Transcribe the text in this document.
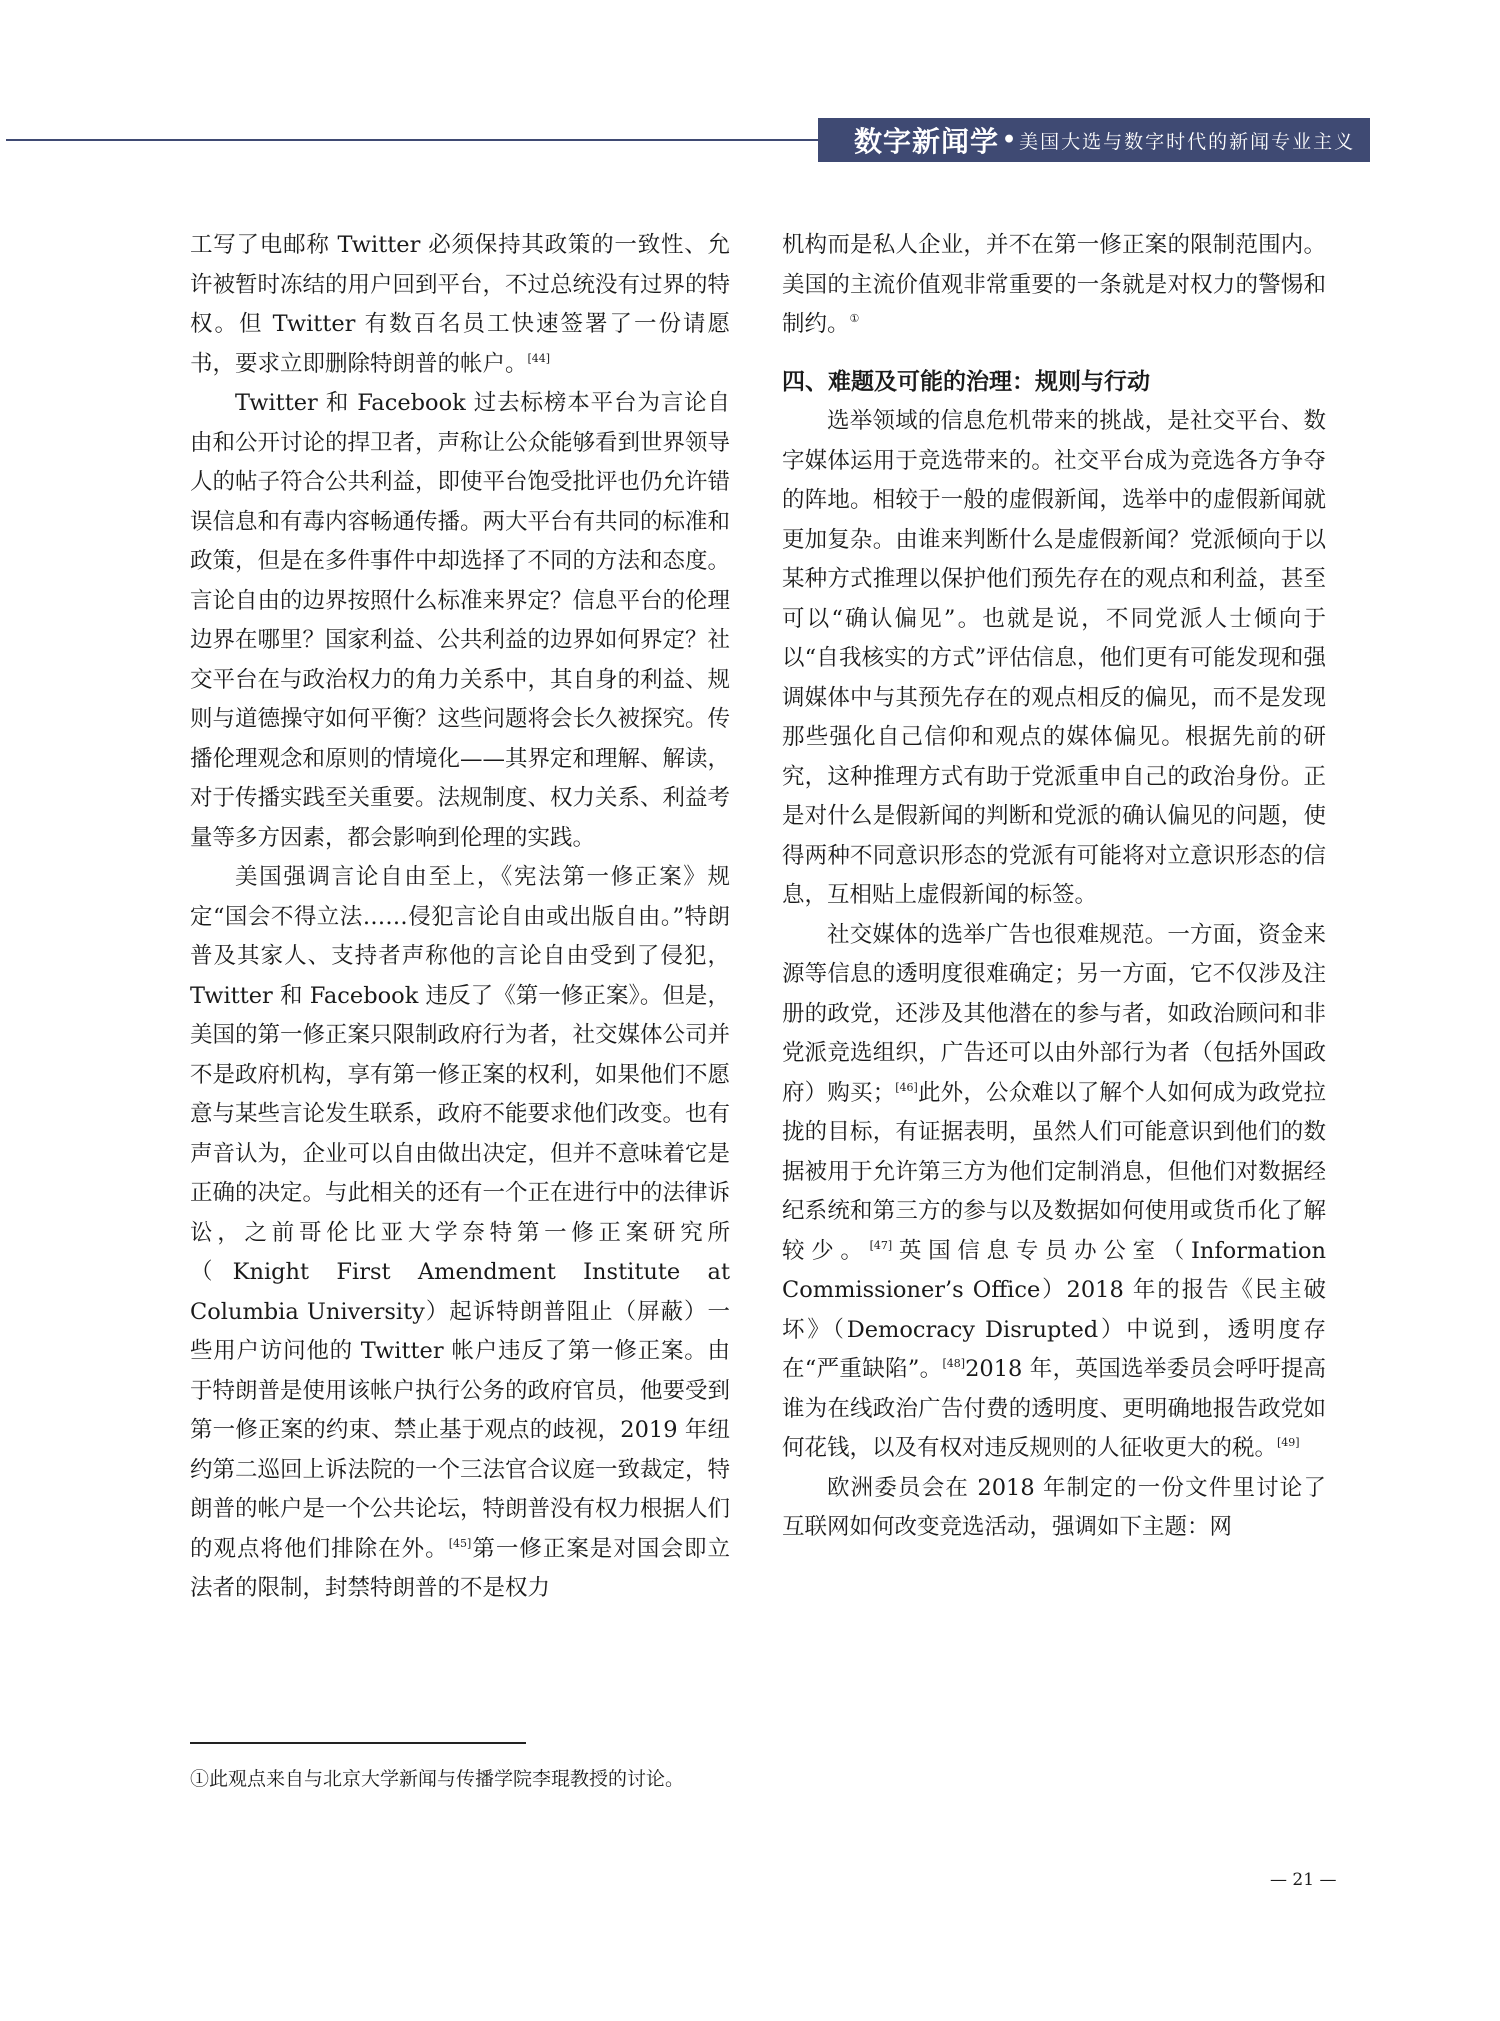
数字新闻学 • 美国大选与数字时代的新闻专业主义

工写了电邮称 Twitter 必须保持其政策的一致性、允许被暂时冻结的用户回到平台，不过总统没有过界的特权。但 Twitter 有数百名员工快速签署了一份请愿书，要求立即删除特朗普的帐户。[44]

Twitter 和 Facebook 过去标榜本平台为言论自由和公开讨论的捍卫者，声称让公众能够看到世界领导人的帖子符合公共利益，即使平台饱受批评也仍允许错误信息和有毒内容畅通传播。两大平台有共同的标准和政策，但是在多件事件中却选择了不同的方法和态度。言论自由的边界按照什么标准来界定？信息平台的伦理边界在哪里？国家利益、公共利益的边界如何界定？社交平台在与政治权力的角力关系中，其自身的利益、规则与道德操守如何平衡？这些问题将会长久被探究。传播伦理观念和原则的情境化——其界定和理解、解读，对于传播实践至关重要。法规制度、权力关系、利益考量等多方因素，都会影响到伦理的实践。

美国强调言论自由至上，《宪法第一修正案》规定“国会不得立法……侵犯言论自由或出版自由。”特朗普及其家人、支持者声称他的言论自由受到了侵犯，Twitter 和 Facebook 违反了《第一修正案》。但是，美国的第一修正案只限制政府行为者，社交媒体公司并不是政府机构，享有第一修正案的权利，如果他们不愿意与某些言论发生联系，政府不能要求他们改变。也有声音认为，企业可以自由做出决定，但并不意味着它是正确的决定。与此相关的还有一个正在进行中的法律诉讼，之前哥伦比亚大学奈特第一修正案研究所（Knight First Amendment Institute at Columbia University）起诉特朗普阻止（屏蔽）一些用户访问他的 Twitter 帐户违反了第一修正案。由于特朗普是使用该帐户执行公务的政府官员，他要受到第一修正案的约束、禁止基于观点的歧视，2019 年纽约第二巡回上诉法院的一个三法官合议庭一致裁定，特朗普的帐户是一个公共论坛，特朗普没有权力根据人们的观点将他们排除在外。[45]第一修正案是对国会即立法者的限制，封禁特朗普的不是权力

机构而是私人企业，并不在第一修正案的限制范围内。美国的主流价值观非常重要的一条就是对权力的警惕和制约。①

四、难题及可能的治理：规则与行动

选举领域的信息危机带来的挑战，是社交平台、数字媒体运用于竞选带来的。社交平台成为竞选各方争夺的阵地。相较于一般的虚假新闻，选举中的虚假新闻就更加复杂。由谁来判断什么是虚假新闻？党派倾向于以某种方式推理以保护他们预先存在的观点和利益，甚至可以“确认偏见”。也就是说，不同党派人士倾向于以“自我核实的方式”评估信息，他们更有可能发现和强调媒体中与其预先存在的观点相反的偏见，而不是发现那些强化自己信仰和观点的媒体偏见。根据先前的研究，这种推理方式有助于党派重申自己的政治身份。正是对什么是假新闻的判断和党派的确认偏见的问题，使得两种不同意识形态的党派有可能将对立意识形态的信息，互相贴上虚假新闻的标签。

社交媒体的选举广告也很难规范。一方面，资金来源等信息的透明度很难确定；另一方面，它不仅涉及注册的政党，还涉及其他潜在的参与者，如政治顾问和非党派竞选组织，广告还可以由外部行为者（包括外国政府）购买；[46]此外，公众难以了解个人如何成为政党拉拢的目标，有证据表明，虽然人们可能意识到他们的数据被用于允许第三方为他们定制消息，但他们对数据经纪系统和第三方的参与以及数据如何使用或货币化了解较少。[47]英国信息专员办公室（Information Commissioner’s Office）2018 年的报告《民主破坏》（Democracy Disrupted）中说到，透明度存在“严重缺陷”。[48]2018 年，英国选举委员会呼吁提高谁为在线政治广告付费的透明度、更明确地报告政党如何花钱，以及有权对违反规则的人征收更大的税。[49]

欧洲委员会在 2018 年制定的一份文件里讨论了互联网如何改变竞选活动，强调如下主题：网

①此观点来自与北京大学新闻与传播学院李琨教授的讨论。
— 21 —
